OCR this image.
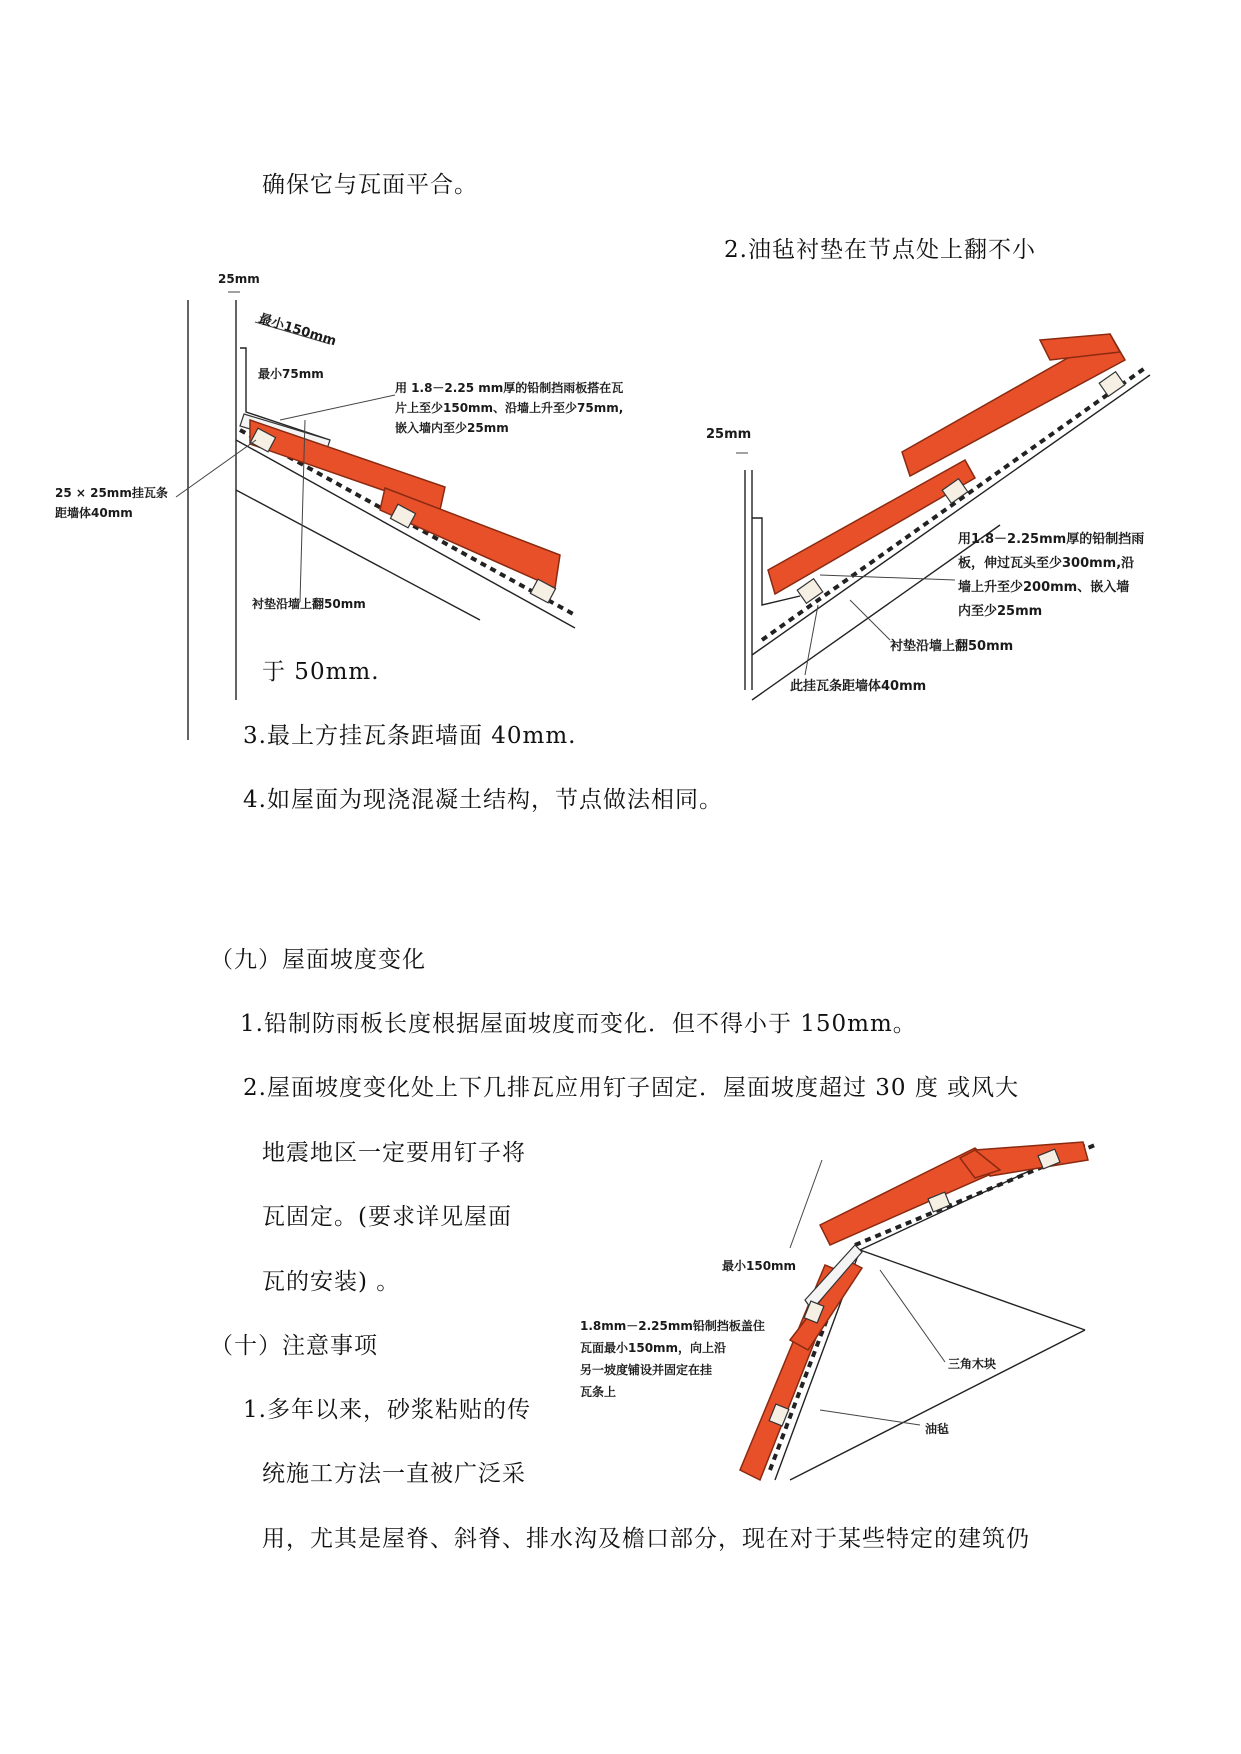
确保它与瓦面平合。
2.油毡衬垫在节点处上翻不小
于 50mm.
3.最上方挂瓦条距墙面 40mm.
4.如屋面为现浇混凝土结构，节点做法相同。
（九）屋面坡度变化
1.铅制防雨板长度根据屋面坡度而变化．但不得小于 150mm。
2.屋面坡度变化处上下几排瓦应用钉子固定．屋面坡度超过 30 度 或风大
地震地区一定要用钉子将
瓦固定。(要求详见屋面
瓦的安装) 。
（十）注意事项
1.多年以来，砂浆粘贴的传
统施工方法一直被广泛采
用，尤其是屋脊、斜脊、排水沟及檐口部分，现在对于某些特定的建筑仍
25mm
最小150mm
最小75mm
用 1.8－2.25 mm厚的铅制挡雨板搭在瓦
片上至少150mm、沿墙上升至少75mm,
嵌入墙内至少25mm
25 × 25mm挂瓦条
距墙体40mm
衬垫沿墙上翻50mm
25mm
用1.8－2.25mm厚的铅制挡雨
板，伸过瓦头至少300mm,沿
墙上升至少200mm、嵌入墙
内至少25mm
衬垫沿墙上翻50mm
此挂瓦条距墙体40mm
最小150mm
1.8mm－2.25mm铅制挡板盖住
瓦面最小150mm，向上沿
另一坡度铺设并固定在挂
瓦条上
三角木块
油毡
